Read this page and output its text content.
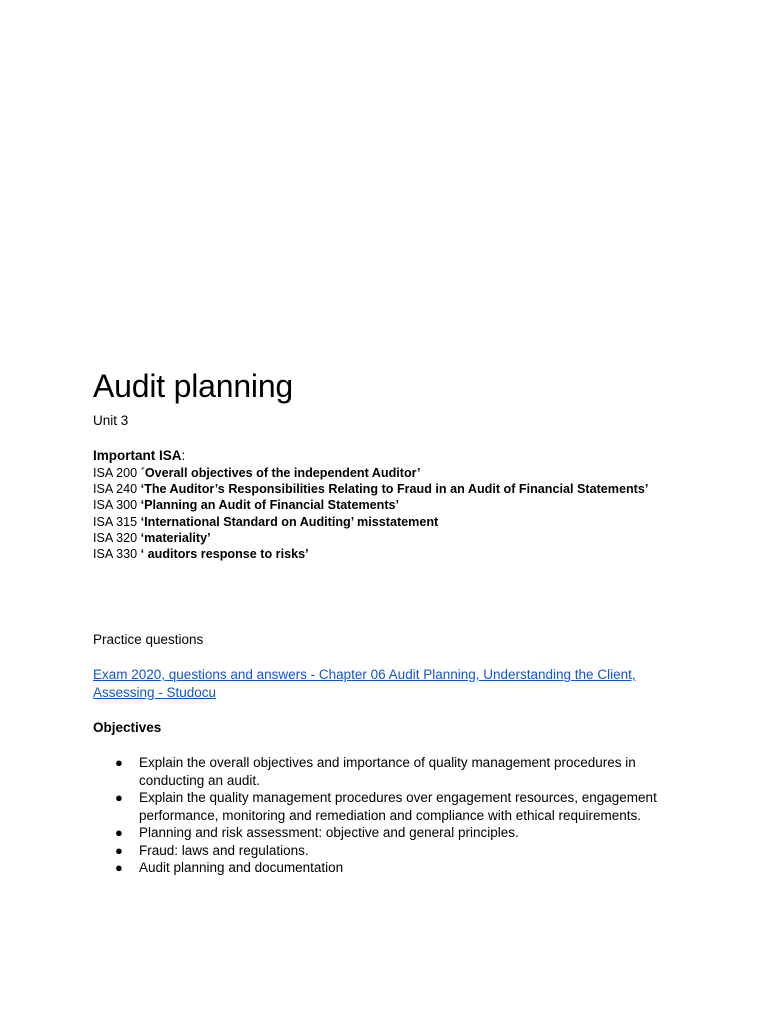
Audit planning
Unit 3
Important ISA:
ISA 200 ´Overall objectives of the independent Auditor’
ISA 240 ‘The Auditor’s Responsibilities Relating to Fraud in an Audit of Financial Statements’
ISA 300 ‘Planning an Audit of Financial Statements’
ISA 315 ‘International Standard on Auditing’ misstatement
ISA 320 ‘materiality’
ISA 330 ‘ auditors response to risks’
Practice questions
Exam 2020, questions and answers - Chapter 06 Audit Planning, Understanding the Client, Assessing - Studocu
Objectives
● Explain the overall objectives and importance of quality management procedures in conducting an audit.
● Explain the quality management procedures over engagement resources, engagement performance, monitoring and remediation and compliance with ethical requirements.
● Planning and risk assessment: objective and general principles.
● Fraud: laws and regulations.
● Audit planning and documentation
